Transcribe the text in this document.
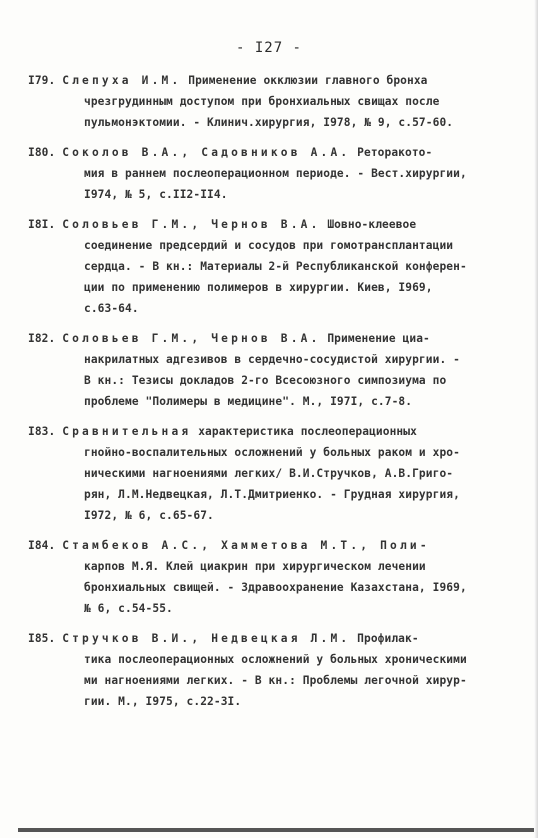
- I27 -
I79. Слепуха И.М. Применение окклюзии главного бронха
чрезгрудинным доступом при бронхиальных свищах после
пульмонэктомии. - Клинич.хирургия, I978, № 9, с.57-60.
I80. Соколов В.А., Садовников А.А. Реторакото-
мия в раннем послеоперационном периоде. - Вест.хирургии,
I974, № 5, с.II2-II4.
I8I. Соловьев Г.М., Чернов В.А. Шовно-клеевое
соединение предсердий и сосудов при гомотрансплантации
сердца. - В кн.: Материалы 2-й Республиканской конферен-
ции по применению полимеров в хирургии. Киев, I969,
с.63-64.
I82. Соловьев Г.М., Чернов В.А. Применение циа-
накрилатных адгезивов в сердечно-сосудистой хирургии. -
В кн.: Тезисы докладов 2-го Всесоюзного симпозиума по
проблеме "Полимеры в медицине". М., I97I, с.7-8.
I83. Сравнительная характеристика послеоперационных
гнойно-воспалительных осложнений у больных раком и хро-
ническими нагноениями легких/ В.И.Стручков, А.В.Григо-
рян, Л.М.Недвецкая, Л.Т.Дмитриенко. - Грудная хирургия,
I972, № 6, с.65-67.
I84. Стамбеков А.С., Хамметова М.Т., Поли-
карпов М.Я. Клей циакрин при хирургическом лечении
бронхиальных свищей. - Здравоохранение Казахстана, I969,
№ 6, с.54-55.
I85. Стручков В.И., Недвецкая Л.М. Профилак-
тика послеоперационных осложнений у больных хроническими
ми нагноениями легких. - В кн.: Проблемы легочной хирур-
гии. М., I975, с.22-3I.
